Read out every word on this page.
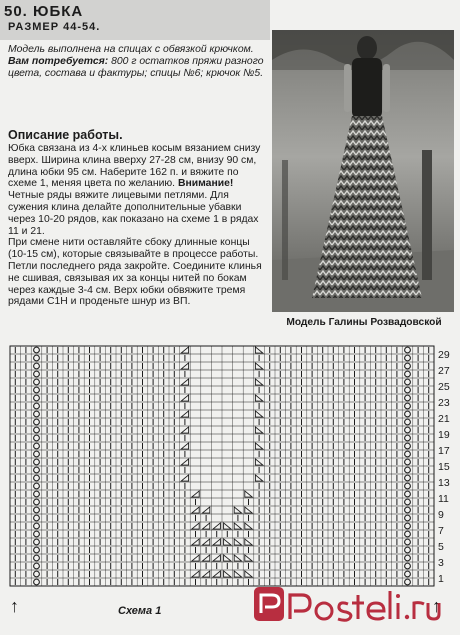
50. ЮБКА
РАЗМЕР 44-54.

Модель выполнена на спицах с обвязкой крючком.

Вам потребуется: 800 г остатков пряжи разного цвета, состава и фактуры; спицы №6; крючок №5.

Описание работы.

Юбка связана из 4-х клиньев косым вязанием снизу вверх. Ширина клина вверху 27-28 см, внизу 90 см, длина юбки 95 см. Наберите 162 п. и вяжите по схеме 1, меняя цвета по желанию. Внимание! Четные ряды вяжите лицевыми петлями. Для сужения клина делайте дополнительные убавки через 10-20 рядов, как показано на схеме 1 в рядах 11 и 21.

При смене нити оставляйте сбоку длинные концы (10-15 см), которые связывайте в процессе работы. Петли последнего ряда закройте. Соедините клинья не сшивая, связывая их за концы нитей по бокам через каждые 3-4 см. Верх юбки обвяжите тремя рядами С1Н и проденьте шнур из ВП.

Модель Галины Розвадовской
29
27
25
23
21
19
17
15
13
11
9
7
5
3
1
↑	↑
Схема 1
